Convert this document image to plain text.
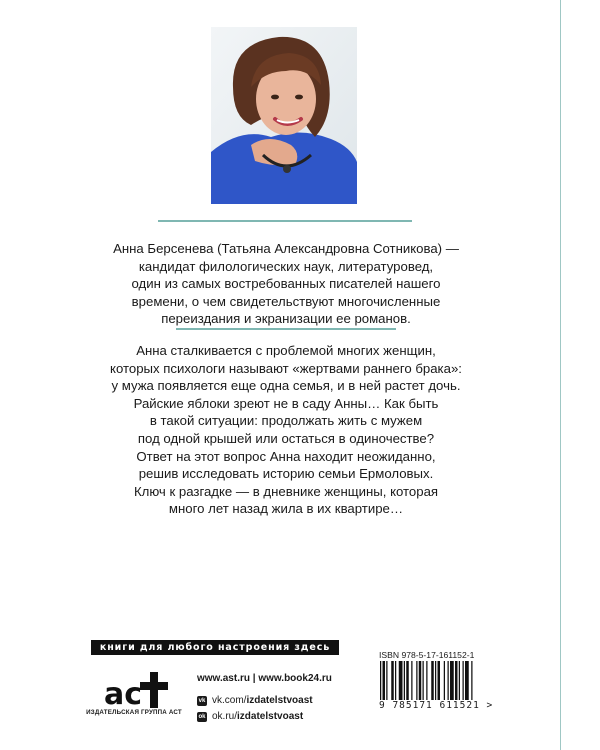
Анна Берсенева (Татьяна Александровна Сотникова) —
кандидат филологических наук, литературовед,
один из самых востребованных писателей нашего
времени, о чем свидетельствуют многочисленные
переиздания и экранизации ее романов.
Анна сталкивается с проблемой многих женщин,
которых психологи называют «жертвами раннего брака»:
у мужа появляется еще одна семья, и в ней растет дочь.
Райские яблоки зреют не в саду Анны… Как быть
в такой ситуации: продолжать жить с мужем
под одной крышей или остаться в одиночестве?
Ответ на этот вопрос Анна находит неожиданно,
решив исследовать историю семьи Ермоловых.
Ключ к разгадке — в дневнике женщины, которая
много лет назад жила в их квартире…
книги для любого настроения здесь
ас
ИЗДАТЕЛЬСКАЯ ГРУППА АСТ
www.ast.ru | www.book24.ru
vk vk.com/izdatelstvoast
ok ok.ru/izdatelstvoast
ISBN 978-5-17-161152-1
9 785171 611521 >
